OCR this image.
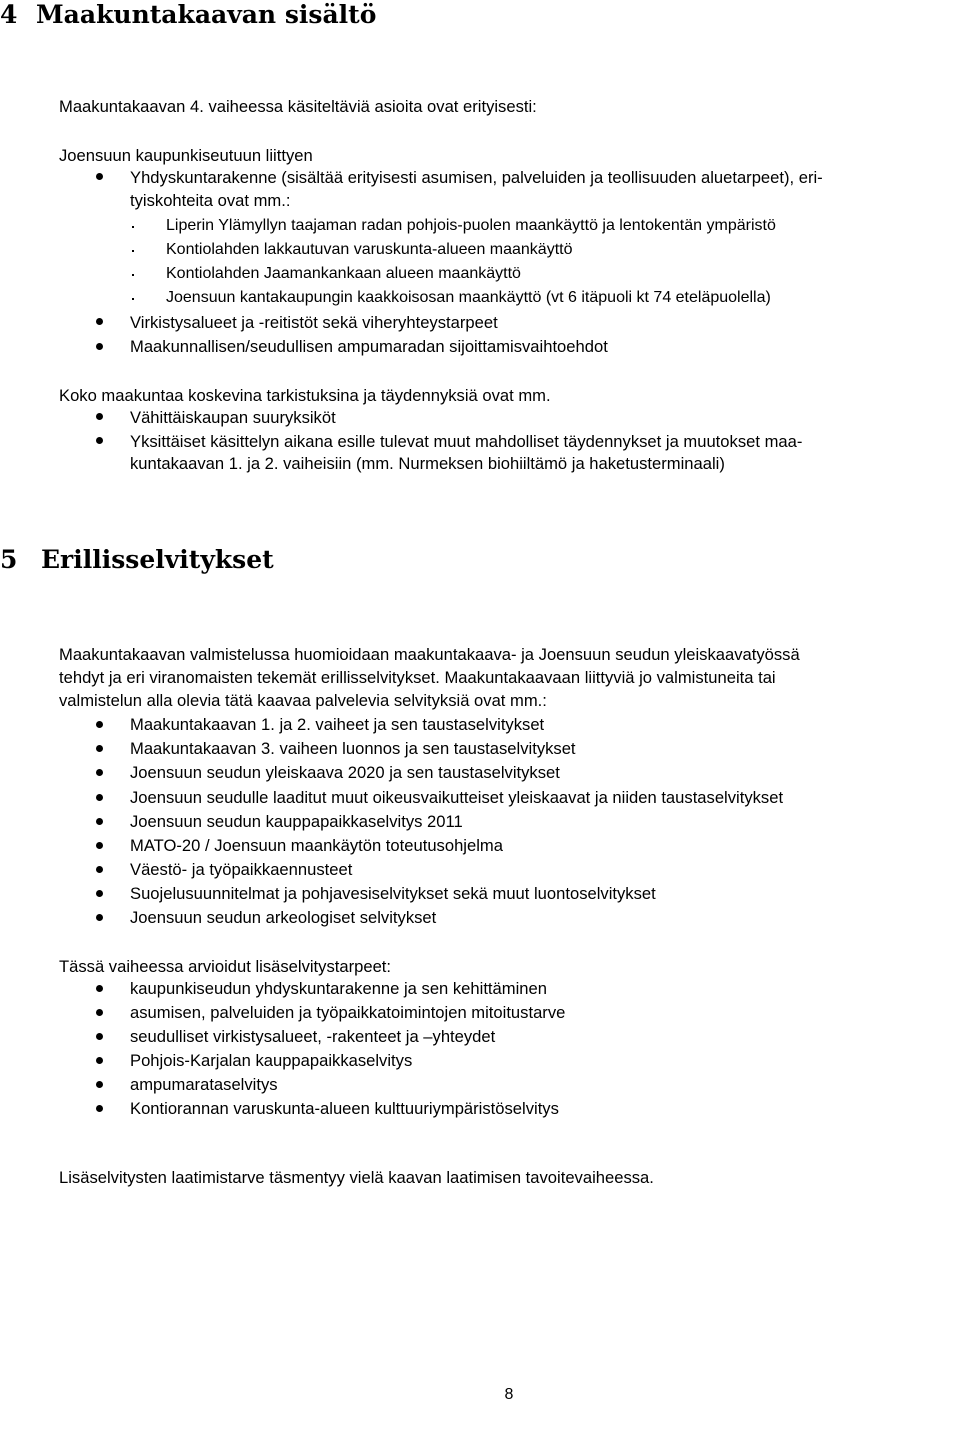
4 Maakuntakaavan sisältö

Maakuntakaavan 4. vaiheessa käsiteltäviä asioita ovat erityisesti:

Joensuun kaupunkiseutuun liittyen

Yhdyskuntarakenne (sisältää erityisesti asumisen, palveluiden ja teollisuuden aluetarpeet), eri-
tyiskohteita ovat mm.:
Liperin Ylämyllyn taajaman radan pohjois-puolen maankäyttö ja lentokentän ympäristö
Kontiolahden lakkautuvan varuskunta-alueen maankäyttö
Kontiolahden Jaamankankaan alueen maankäyttö
Joensuun kantakaupungin kaakkoisosan maankäyttö (vt 6 itäpuoli kt 74 eteläpuolella)
Virkistysalueet ja -reitistöt sekä viheryhteystarpeet
Maakunnallisen/seudullisen ampumaradan sijoittamisvaihtoehdot

Koko maakuntaa koskevina tarkistuksina ja täydennyksiä ovat mm.

Vähittäiskaupan suuryksiköt
Yksittäiset käsittelyn aikana esille tulevat muut mahdolliset täydennykset ja muutokset maa-
kuntakaavan 1. ja 2. vaiheisiin (mm. Nurmeksen biohiiltämö ja haketusterminaali)
5 Erillisselvitykset

Maakuntakaavan valmistelussa huomioidaan maakuntakaava- ja Joensuun seudun yleiskaavatyössä

tehdyt ja eri viranomaisten tekemät erillisselvitykset. Maakuntakaavaan liittyviä jo valmistuneita tai

valmistelun alla olevia tätä kaavaa palvelevia selvityksiä ovat mm.:

Maakuntakaavan 1. ja 2. vaiheet ja sen taustaselvitykset
Maakuntakaavan 3. vaiheen luonnos ja sen taustaselvitykset
Joensuun seudun yleiskaava 2020 ja sen taustaselvitykset
Joensuun seudulle laaditut muut oikeusvaikutteiset yleiskaavat ja niiden taustaselvitykset
Joensuun seudun kauppapaikkaselvitys 2011
MATO-20 / Joensuun maankäytön toteutusohjelma
Väestö- ja työpaikkaennusteet
Suojelusuunnitelmat ja pohjavesiselvitykset sekä muut luontoselvitykset
Joensuun seudun arkeologiset selvitykset

Tässä vaiheessa arvioidut lisäselvitystarpeet:

kaupunkiseudun yhdyskuntarakenne ja sen kehittäminen
asumisen, palveluiden ja työpaikkatoimintojen mitoitustarve
seudulliset virkistysalueet, -rakenteet ja –yhteydet
Pohjois-Karjalan kauppapaikkaselvitys
ampumarataselvitys
Kontiorannan varuskunta-alueen kulttuuriympäristöselvitys

Lisäselvitysten laatimistarve täsmentyy vielä kaavan laatimisen tavoitevaiheessa.

8
